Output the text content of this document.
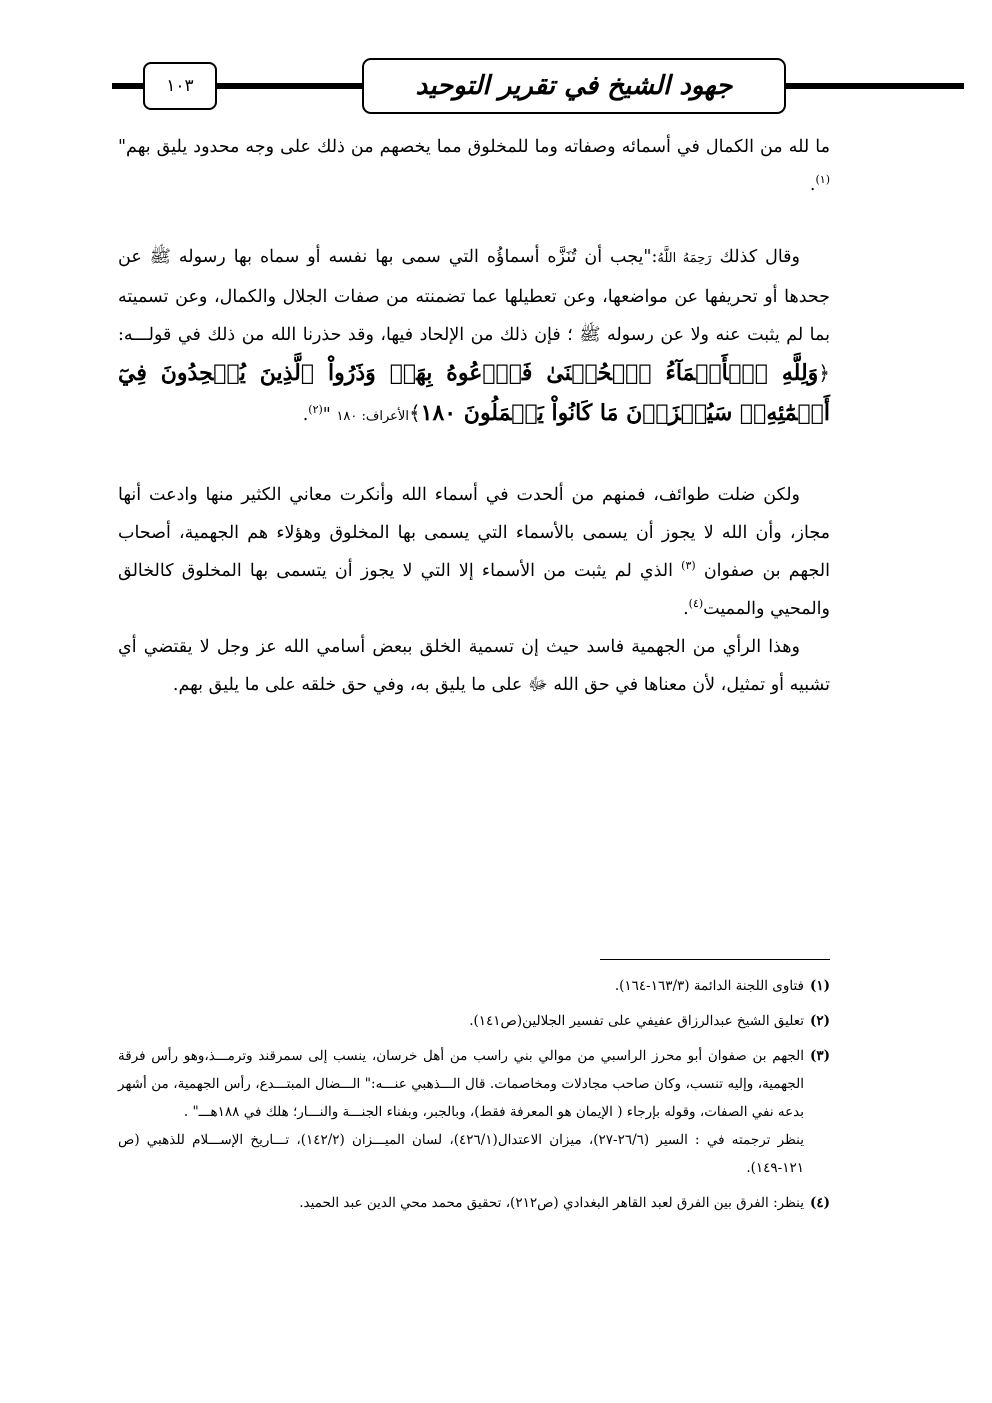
جهود الشيخ في تقرير التوحيد
١٠٣

ما لله من الكمال في أسمائه وصفاته وما للمخلوق مما يخصهم من ذلك على وجه محدود يليق بهم" $^{(١)}$.

وقال كذلك رَحِمَهُ اللَّهُ:"يجب أن تُنَزَّه أسماؤُه التي سمى بها نفسه أو سماه بها رسوله ﷺ عن جحدها أو تحريفها عن مواضعها، وعن تعطيلها عما تضمنته من صفات الجلال والكمال، وعن تسميته بما لم يثبت عنه ولا عن رسوله ﷺ ؛ فإن ذلك من الإلحاد فيها، وقد حذرنا الله من ذلك في قولـــه: ﴿وَلِلَّهِ ٱلۡأَسۡمَآءُ ٱلۡحُسۡنَىٰ فَٱدۡعُوهُ بِهَاۖ وَذَرُواْ ٱلَّذِينَ يُلۡحِدُونَ فِيٓ أَسۡمَٰٓئِهِۦۚ سَيُجۡزَوۡنَ مَا كَانُواْ يَعۡمَلُونَ ١٨٠﴾الأعراف: ١٨٠ "$^{(٢)}$.

ولكن ضلت طوائف، فمنهم من ألحدت في أسماء الله وأنكرت معاني الكثير منها وادعت أنها مجاز، وأن الله لا يجوز أن يسمى بالأسماء التي يسمى بها المخلوق وهؤلاء هم الجهمية، أصحاب الجهم بن صفوان $^{(٣)}$ الذي لم يثبت من الأسماء إلا التي لا يجوز أن يتسمى بها المخلوق كالخالق والمحيي والمميت$^{(٤)}$.

وهذا الرأي من الجهمية فاسد حيث إن تسمية الخلق ببعض أسامي الله عز وجل لا يقتضي أي تشبيه أو تمثيل، لأن معناها في حق الله ﷻ على ما يليق به، وفي حق خلقه على ما يليق بهم.

(١)

فتاوى اللجنة الدائمة (١٦٣/٣-١٦٤).

(٢)

تعليق الشيخ عبدالرزاق عفيفي على تفسير الجلالين(ص١٤١).

(٣)

الجهم بن صفوان أبو محرز الراسبي من موالي بني راسب من أهل خرسان، ينسب إلى سمرقند وترمـــذ،وهو رأس فرقة الجهمية، وإليه تنسب، وكان صاحب مجادلات ومخاصمات. قال الـــذهبي عنـــه:" الـــضال المبتـــدع، رأس الجهمية، من أشهر بدعه نفي الصفات، وقوله بإرجاء ( الإيمان هو المعرفة فقط)، وبالجبر، وبفناء الجنـــة والنـــار؛ هلك في ١٨٨هـــ" .

ينظر ترجمته في : السير (٢٦/٦-٢٧)، ميزان الاعتدال(٤٢٦/١)، لسان الميـــزان (١٤٢/٢)، تـــاريخ الإســـلام للذهبي (ص ١٢١-١٤٩).

(٤)

ينظر: الفرق بين الفرق لعبد القاهر البغدادي (ص٢١٢)، تحقيق محمد محي الدين عبد الحميد.
